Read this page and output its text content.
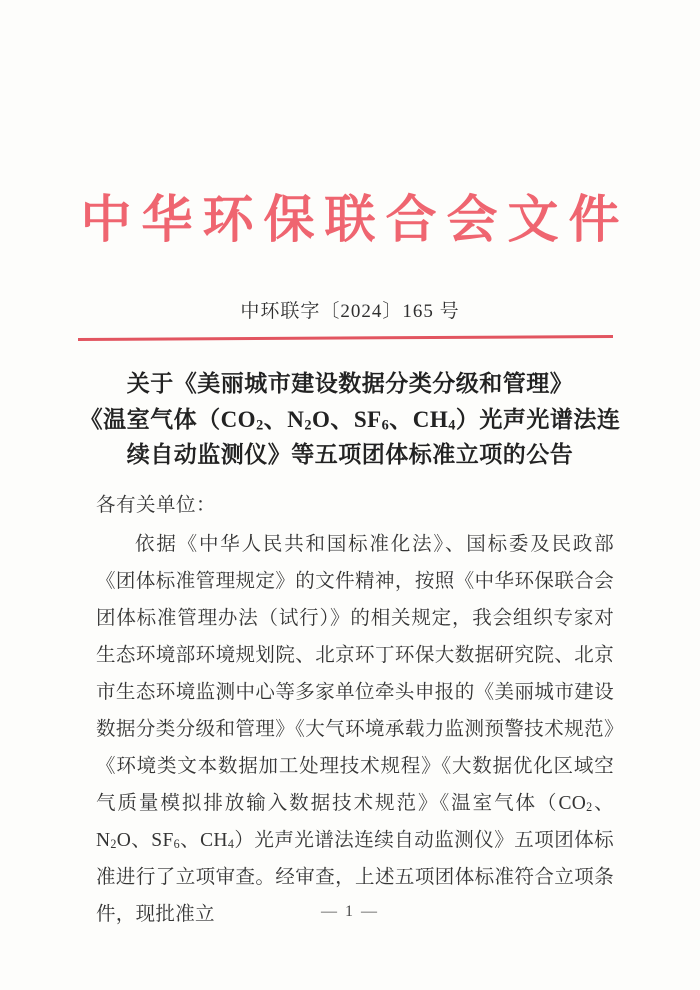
中华环保联合会文件
中环联字〔2024〕165 号
关于《美丽城市建设数据分类分级和管理》
《温室气体（$CO_2$、$N_2O$、$SF_6$、$CH_4$）光声光谱法连
续自动监测仪》等五项团体标准立项的公告
各有关单位：
依据《中华人民共和国标准化法》、国标委及民政部《团体标准管理规定》的文件精神，按照《中华环保联合会团体标准管理办法（试行）》的相关规定，我会组织专家对生态环境部环境规划院、北京环丁环保大数据研究院、北京市生态环境监测中心等多家单位牵头申报的《美丽城市建设数据分类分级和管理》《大气环境承载力监测预警技术规范》《环境类文本数据加工处理技术规程》《大数据优化区域空气质量模拟排放输入数据技术规范》《温室气体（$CO_2$、$N_2O$、$SF_6$、$CH_4$）光声光谱法连续自动监测仪》五项团体标准进行了立项审查。经审查，上述五项团体标准符合立项条件，现批准立	— 1 —
